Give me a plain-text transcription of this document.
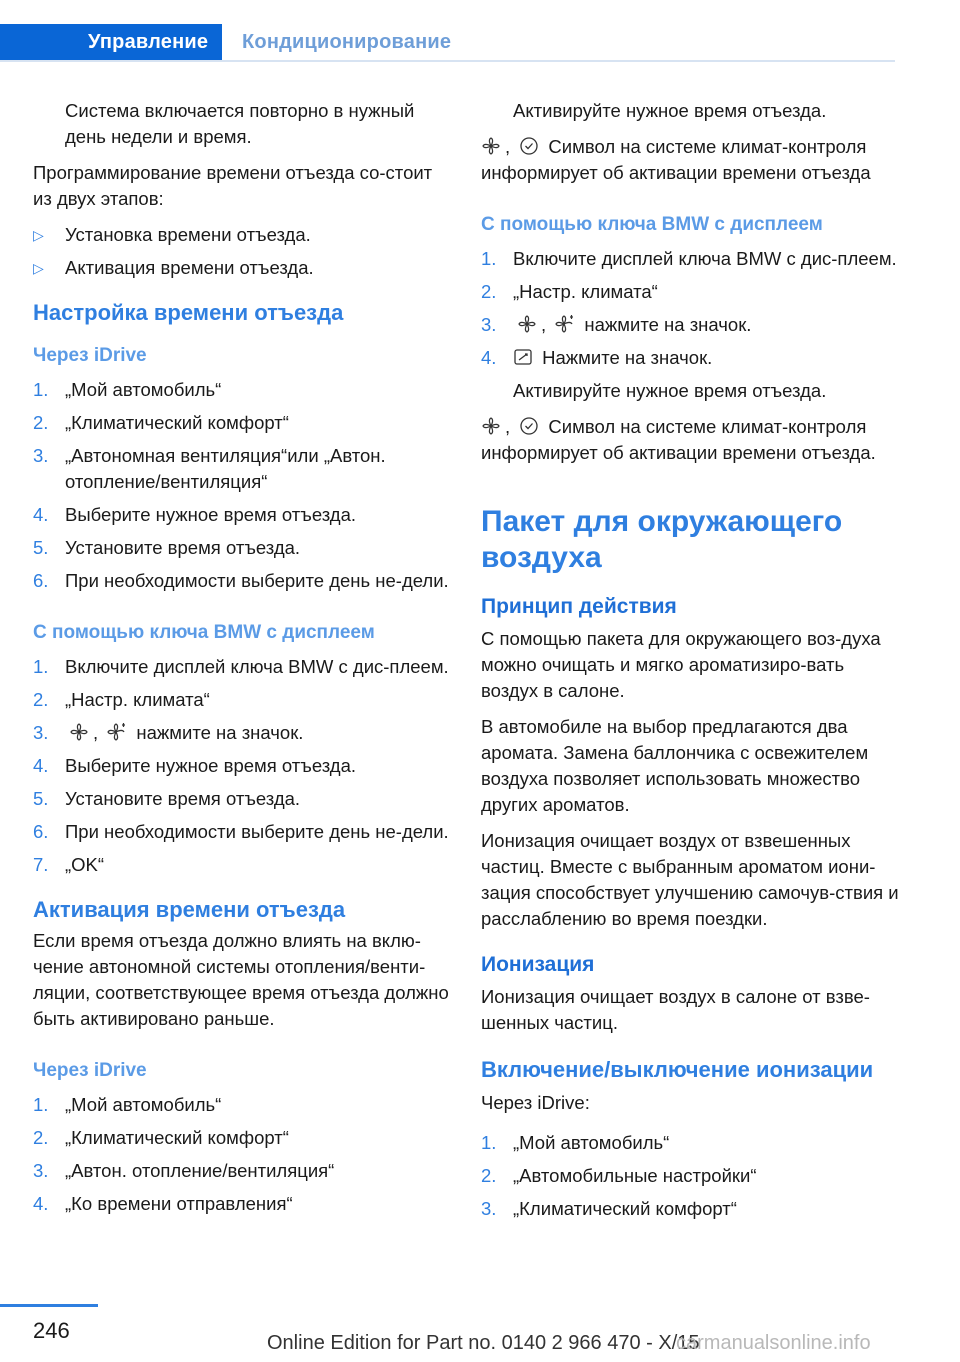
Управление Кондиционирование

Система включается повторно в нужный день недели и время.

Программирование времени отъезда со-стоит из двух этапов:

▷ Установка времени отъезда.
▷ Активация времени отъезда.
Настройка времени отъезда
Через iDrive
1. „Мой автомобиль“
2. „Климатический комфорт“
3. „Автономная вентиляция“или „Автон. отопление/вентиляция“
4. Выберите нужное время отъезда.
5. Установите время отъезда.
6. При необходимости выберите день не-дели.
С помощью ключа BMW с дисплеем
1. Включите дисплей ключа BMW с дис-плеем.
2. „Настр. климата“
3. ,
нажмите на значок.
4. Выберите нужное время отъезда.
5. Установите время отъезда.
6. При необходимости выберите день не-дели.
7. „OK“
Активация времени отъезда

Если время отъезда должно влиять на вклю-чение автономной системы отопления/венти-ляции, соответствующее время отъезда должно быть активировано раньше.

Через iDrive
1. „Мой автомобиль“
2. „Климатический комфорт“
3. „Автон. отопление/вентиляция“
4. „Ко времени отправления“

Активируйте нужное время отъезда.

,
Символ на системе климат-контроля информирует об активации времени отъезда

С помощью ключа BMW с дисплеем
1. Включите дисплей ключа BMW с дис-плеем.
2. „Настр. климата“
3. ,
нажмите на значок.
4. Нажмите на значок.

Активируйте нужное время отъезда.

,
Символ на системе климат-контроля информирует об активации времени отъезда.

Пакет для окружающего воздуха
Принцип действия

С помощью пакета для окружающего воз-духа можно очищать и мягко ароматизиро-вать воздух в салоне.

В автомобиле на выбор предлагаются два аромата. Замена баллончика с освежителем воздуха позволяет использовать множество других ароматов.

Ионизация очищает воздух от взвешенных частиц. Вместе с выбранным ароматом иони-зация способствует улучшению самочув-ствия и расслаблению во время поездки.

Ионизация

Ионизация очищает воздух в салоне от взве-шенных частиц.

Включение/выключение ионизации

Через iDrive:

1. „Мой автомобиль“
2. „Автомобильные настройки“
3. „Климатический комфорт“
246	Online Edition for Part no. 0140 2 966 470 - X/15
carmanualsonline.info
